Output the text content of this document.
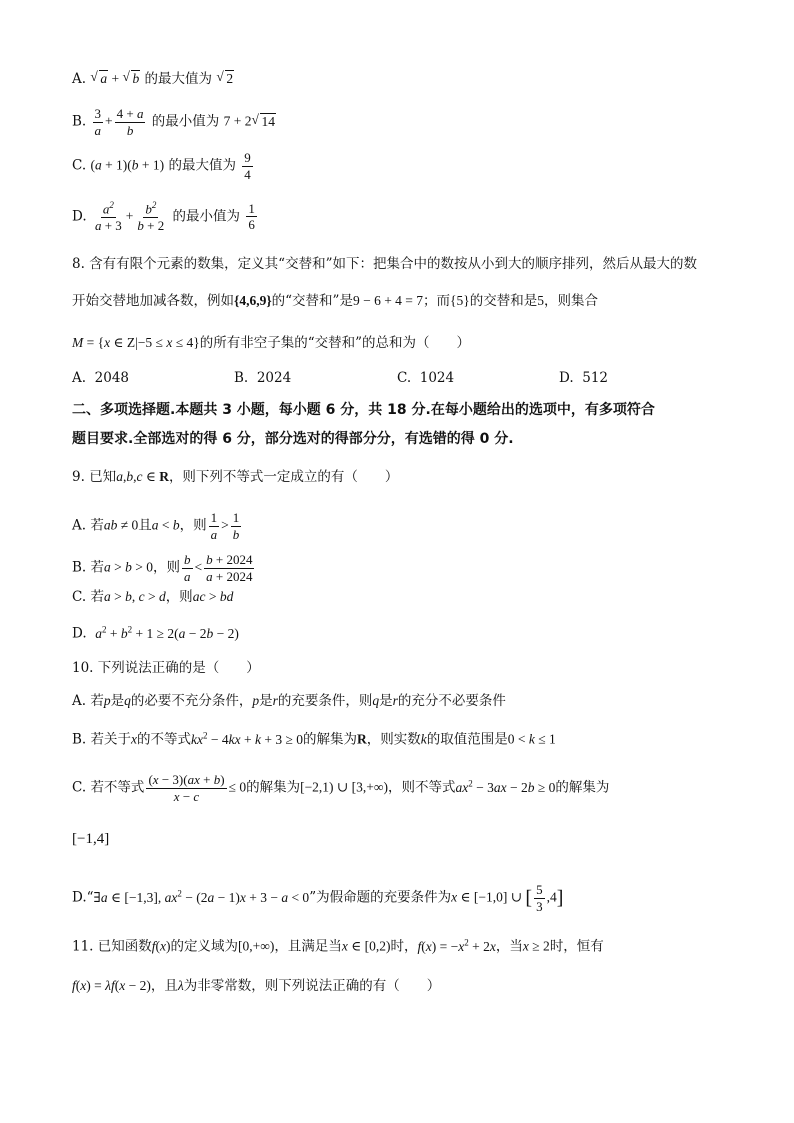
A. √ a + √ b 的最大值为 √ 2
B. $\frac{3}{a} + \frac{4 + a}{b}$ 的最小值为 7 + 2 √ 14
C. (a + 1)(b + 1) 的最大值为 $\frac{9}{4}$
D. $\frac{a^2}{a + 3} + \frac{b^2}{b + 2}$ 的最小值为 $\frac{1}{6}$
8. 含有有限个元素的数集，定义其“交替和”如下：把集合中的数按从小到大的顺序排列，然后从最大的数
开始交替地加减各数，例如{4,6,9}的“交替和”是9 − 6 + 4 = 7；而{5}的交替和是5，则集合
M = {x ∈ Z|−5 ≤ x ≤ 4}的所有非空子集的“交替和”的总和为（　　）
A. 2048	B. 2024	C. 1024	D. 512
二、多项选择题.本题共 3 小题，每小题 6 分，共 18 分.在每小题给出的选项中，有多项符合
题目要求.全部选对的得 6 分，部分选对的得部分分，有选错的得 0 分.
9. 已知a,b,c ∈ R，则下列不等式一定成立的有（　　）
A. 若ab ≠ 0且a < b，则 $\frac{1}{a} > \frac{1}{b}$
B. 若a > b > 0，则 $\frac{b}{a} < \frac{b + 2024}{a + 2024}$
C. 若a > b, c > d，则ac > bd
D. $a^2 + b^2 + 1 \ge 2(a - 2b - 2)$
10. 下列说法正确的是（　　）
A. 若p是q的必要不充分条件，p是r的充要条件，则q是r的充分不必要条件
B. 若关于x的不等式$kx^2 - 4kx + k + 3 \ge 0$的解集为R，则实数k的取值范围是0 < k ≤ 1
C. 若不等式 $\frac{(x - 3)(ax + b)}{x - c} \le 0$的解集为[−2,1) ∪ [3,+∞)，则不等式$ax^2 - 3ax - 2b \ge 0$的解集为
[−1,4]
D.“∃a ∈ [−1,3], $ax^2 - (2a - 1)x + 3 - a < 0$”为假命题的充要条件为x ∈ [−1,0] ∪ [ $\frac{5}{3} ,4$]
11. 已知函数f(x)的定义域为[0,+∞)，且满足当x ∈ [0,2)时，$f(x) = -x^2 + 2x$，当x ≥ 2时，恒有
f(x) = λf(x − 2)，且λ为非零常数，则下列说法正确的有（　　）
